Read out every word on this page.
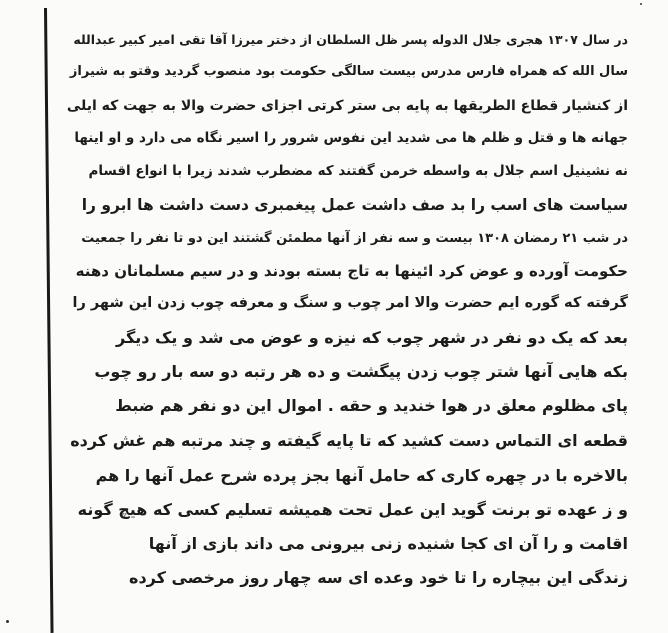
در سال ۱۳۰۷ هجری جلال الدوله پسر ظل السلطان از دختر میرزا آقا تقی امیر کبیر عبدالله
سال الله که همراه فارس مدرس بیست سالگی حکومت بود منصوب گردید وقتو به شیراز
از کنشیار قطاع الطریقها به پایه بی ستر کرتی اجزای حضرت والا به جهت که ایلی
جهانه ها و قتل و ظلم ها می شدید این نفوس شرور را اسیر نگاه می دارد و او اینها
نه نشینیل اسم جلال به واسطه خرمن گفتند که مضطرب شدند زیرا با انواع اقسام
سیاست های اسب را بد صف داشت عمل پیغمبری دست داشت ها ابرو را
در شب ۲۱ رمضان ۱۳۰۸ بیست و سه نفر از آنها مطمئن گشتند این دو تا نفر را جمعیت
حکومت آورده و عوض کرد ائینها به تاج بسته بودند و در سیم مسلمانان دهنه
گرفته که گوره ایم حضرت والا امر چوب و سنگ و معرفه چوب زدن این شهر را
بعد که یک دو نفر در شهر چوب که نیزه و عوض می شد و یک دیگر
بکه هایی آنها شتر چوب زدن پیگشت و ده هر رتبه دو سه بار رو چوب
پای مظلوم معلق در هوا خندید و حقه . اموال این دو نفر هم ضبط
قطعه ای التماس دست کشید که تا پایه گیفته و چند مرتبه هم غش کرده
بالاخره با در چهره کاری که حامل آنها بجز پرده شرح عمل آنها را هم
و ز عهده تو برنت گوید این عمل تحت همیشه تسلیم کسی که هیچ گونه
اقامت و را آن ای کجا شنیده زنی بیرونی می داند بازی از آنها
زندگی این بیچاره را تا خود وعده ای سه چهار روز مرخصی کرده
